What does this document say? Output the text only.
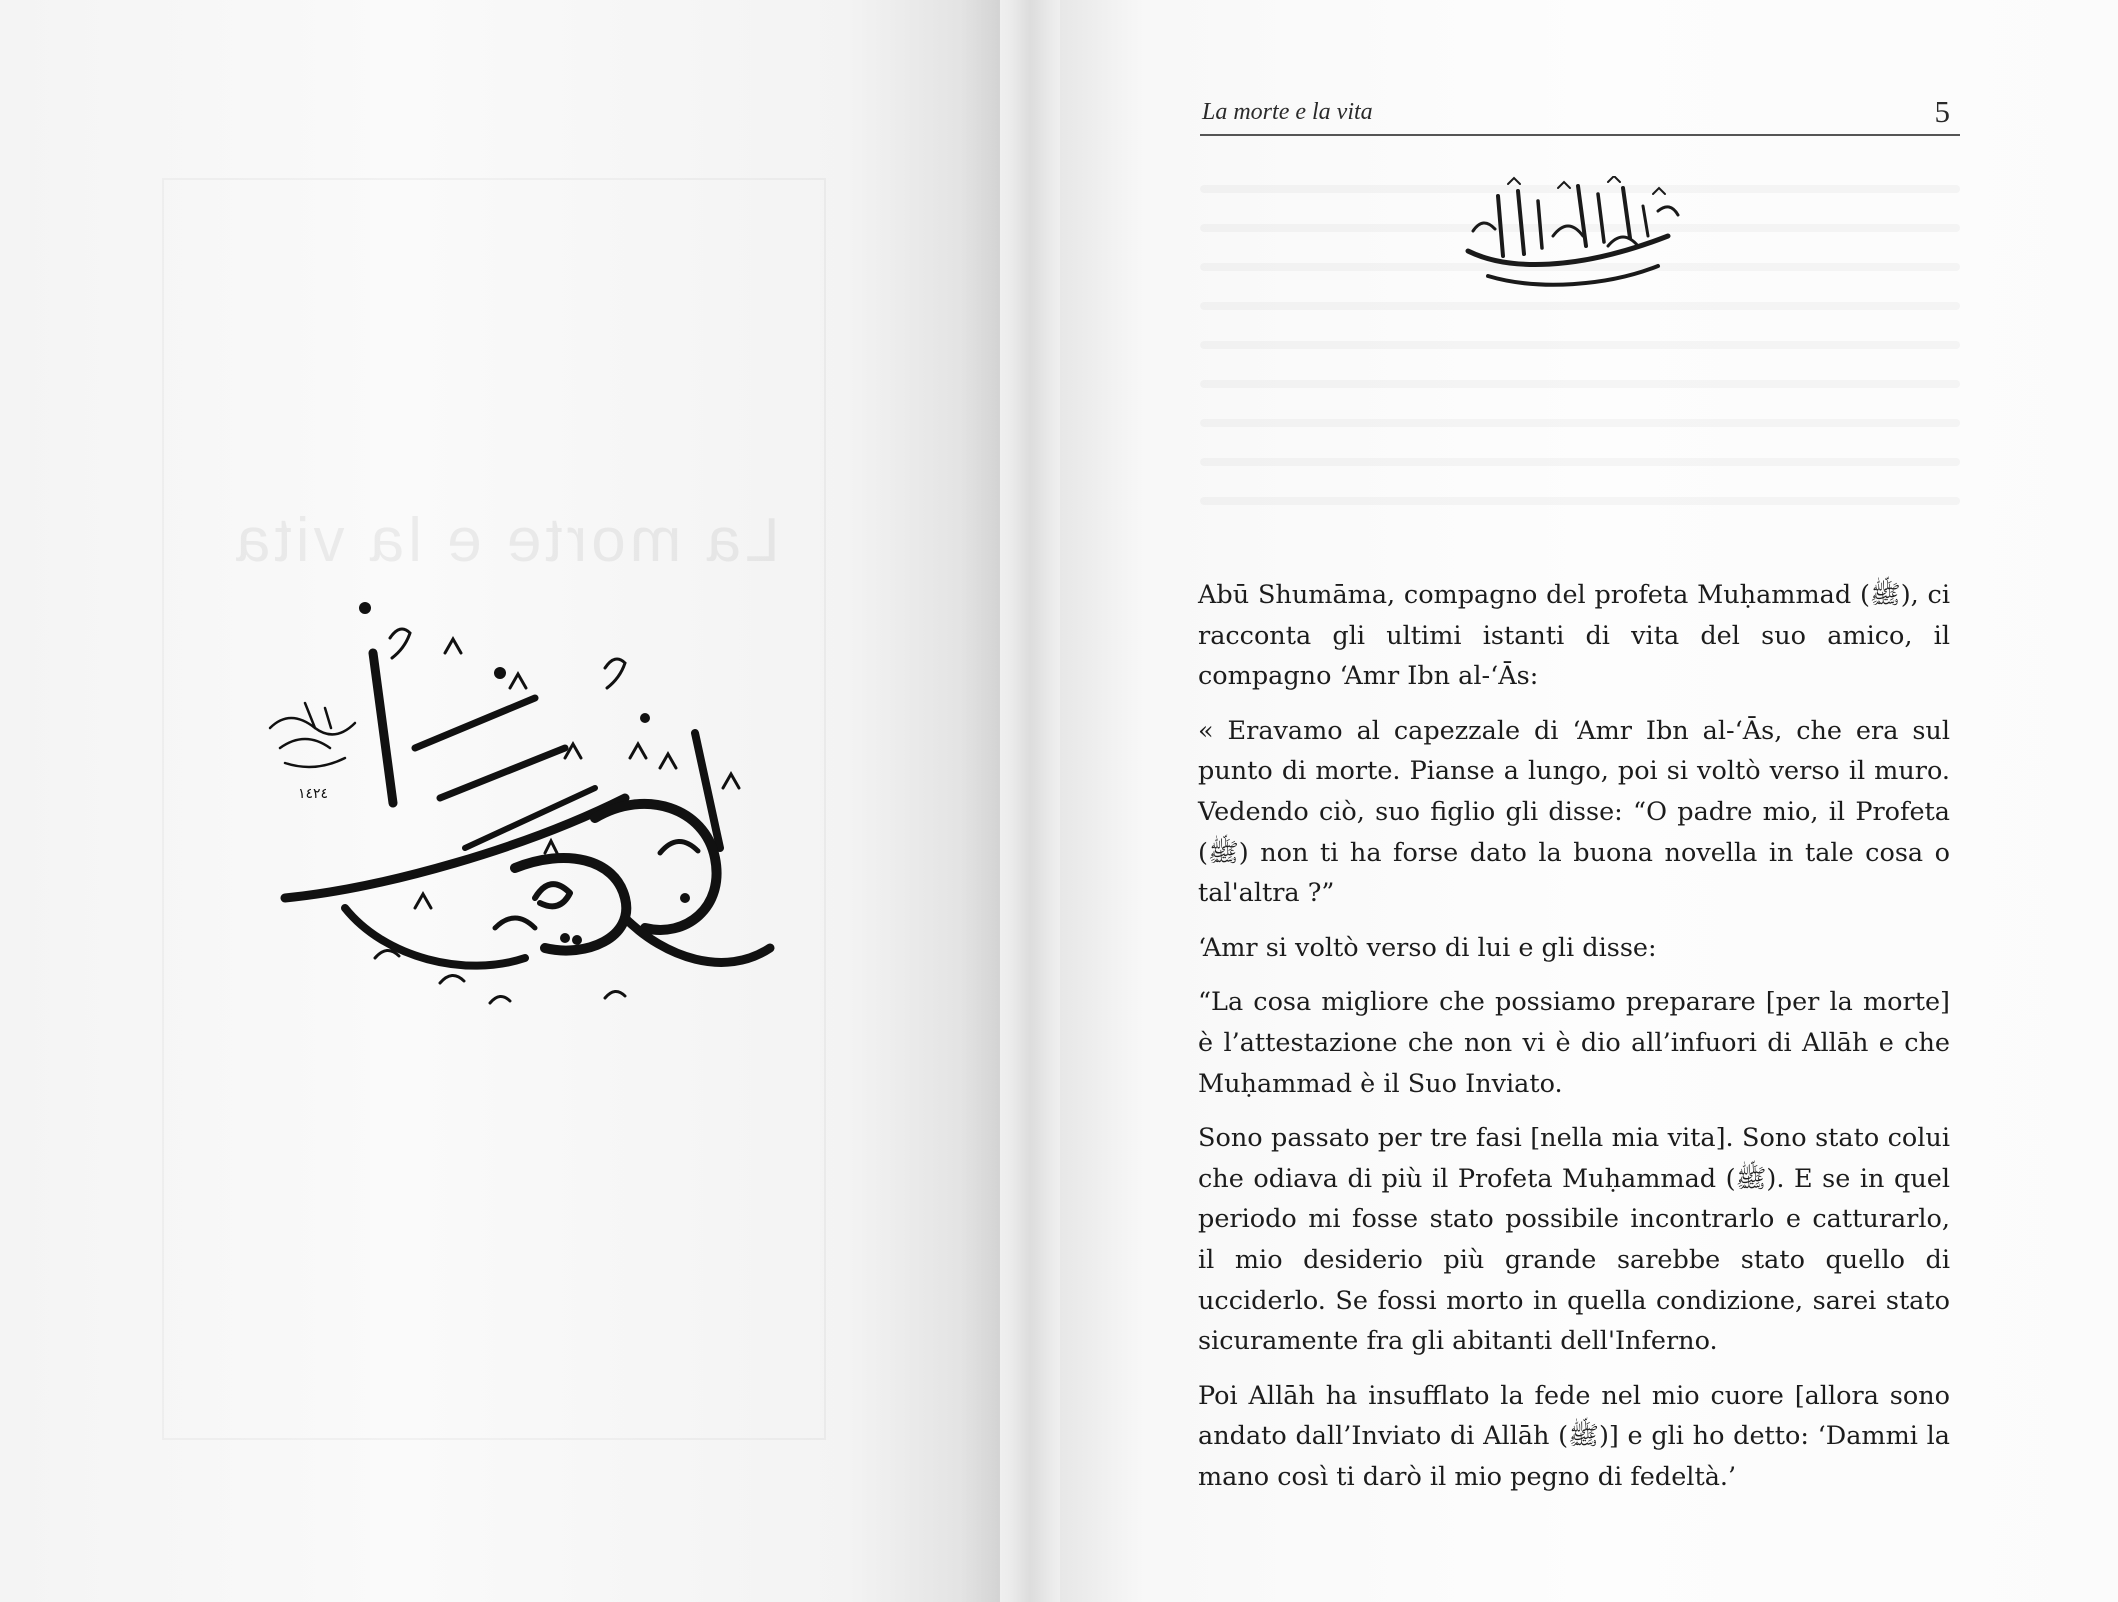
La morte e la vita
١٤٢٤
La morte e la vita	5

Abū Shumāma, compagno del profeta Muḥammad (ﷺ), ci racconta gli ultimi istanti di vita del suo amico, il compagno ‘Amr Ibn al-‘Ās:

« Eravamo al capezzale di ‘Amr Ibn al-‘Ās, che era sul punto di morte. Pianse a lungo, poi si voltò verso il muro. Vedendo ciò, suo figlio gli disse: “O padre mio, il Profeta (ﷺ) non ti ha forse dato la buona novella in tale cosa o tal'altra ?”

‘Amr si voltò verso di lui e gli disse:

“La cosa migliore che possiamo preparare [per la morte] è l’attestazione che non vi è dio all’infuori di Allāh e che Muḥammad è il Suo Inviato.

Sono passato per tre fasi [nella mia vita]. Sono stato colui che odiava di più il Profeta Muḥammad (ﷺ). E se in quel periodo mi fosse stato possibile incontrarlo e catturarlo, il mio desiderio più grande sarebbe stato quello di ucciderlo. Se fossi morto in quella condizione, sarei stato sicuramente fra gli abitanti dell'Inferno.

Poi Allāh ha insufflato la fede nel mio cuore [allora sono andato dall’Inviato di Allāh (ﷺ)] e gli ho detto: ‘Dammi la mano così ti darò il mio pegno di fedeltà.’
